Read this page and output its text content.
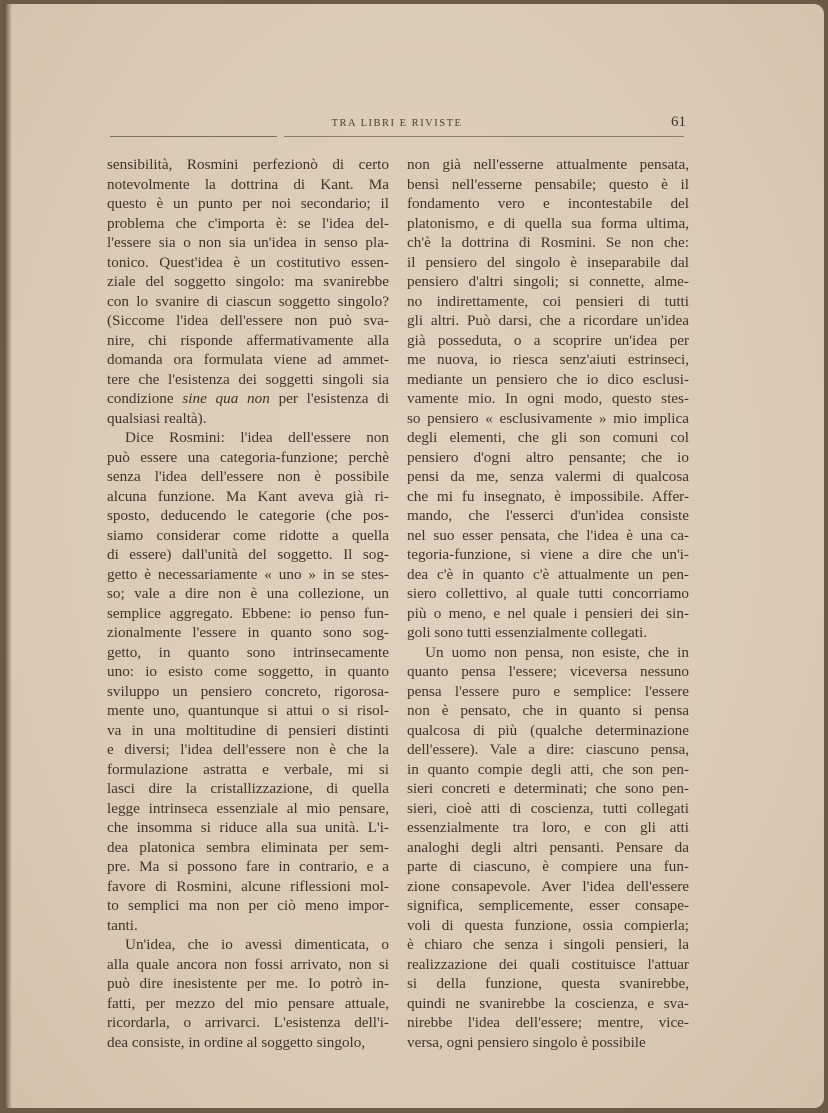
TRA LIBRI E RIVISTE	61
sensibilità, Rosmini perfezionò di certo
notevolmente la dottrina di Kant. Ma
questo è un punto per noi secondario; il
problema che c'importa è: se l'idea del-
l'essere sia o non sia un'idea in senso pla-
tonico. Quest'idea è un costitutivo essen-
ziale del soggetto singolo: ma svanirebbe
con lo svanire di ciascun soggetto singolo?
(Siccome l'idea dell'essere non può sva-
nire, chi risponde affermativamente alla
domanda ora formulata viene ad ammet-
tere che l'esistenza dei soggetti singoli sia
condizione sine qua non per l'esistenza di
qualsiasi realtà).
Dice Rosmini: l'idea dell'essere non
può essere una categoria-funzione; perchè
senza l'idea dell'essere non è possibile
alcuna funzione. Ma Kant aveva già ri-
sposto, deducendo le categorie (che pos-
siamo considerar come ridotte a quella
di essere) dall'unità del soggetto. Il sog-
getto è necessariamente « uno » in se stes-
so; vale a dire non è una collezione, un
semplice aggregato. Ebbene: io penso fun-
zionalmente l'essere in quanto sono sog-
getto, in quanto sono intrinsecamente
uno: io esisto come soggetto, in quanto
sviluppo un pensiero concreto, rigorosa-
mente uno, quantunque si attui o si risol-
va in una moltitudine di pensieri distinti
e diversi; l'idea dell'essere non è che la
formulazione astratta e verbale, mi si
lasci dire la cristallizzazione, di quella
legge intrinseca essenziale al mio pensare,
che insomma si riduce alla sua unità. L'i-
dea platonica sembra eliminata per sem-
pre. Ma si possono fare in contrario, e a
favore di Rosmini, alcune riflessioni mol-
to semplici ma non per ciò meno impor-
tanti.
Un'idea, che io avessi dimenticata, o
alla quale ancora non fossi arrivato, non si
può dire inesistente per me. Io potrò in-
fatti, per mezzo del mio pensare attuale,
ricordarla, o arrivarci. L'esistenza dell'i-
dea consiste, in ordine al soggetto singolo,
non già nell'esserne attualmente pensata,
bensì nell'esserne pensabile; questo è il
fondamento vero e incontestabile del
platonismo, e di quella sua forma ultima,
ch'è la dottrina di Rosmini. Se non che:
il pensiero del singolo è inseparabile dal
pensiero d'altri singoli; si connette, alme-
no indirettamente, coi pensieri di tutti
gli altri. Può darsi, che a ricordare un'idea
già posseduta, o a scoprire un'idea per
me nuova, io riesca senz'aiuti estrinseci,
mediante un pensiero che io dico esclusi-
vamente mio. In ogni modo, questo stes-
so pensiero « esclusivamente » mio implica
degli elementi, che gli son comuni col
pensiero d'ogni altro pensante; che io
pensi da me, senza valermi di qualcosa
che mi fu insegnato, è impossibile. Affer-
mando, che l'esserci d'un'idea consiste
nel suo esser pensata, che l'idea è una ca-
tegoria-funzione, si viene a dire che un'i-
dea c'è in quanto c'è attualmente un pen-
siero collettivo, al quale tutti concorriamo
più o meno, e nel quale i pensieri dei sin-
goli sono tutti essenzialmente collegati.
Un uomo non pensa, non esiste, che in
quanto pensa l'essere; viceversa nessuno
pensa l'essere puro e semplice: l'essere
non è pensato, che in quanto si pensa
qualcosa di più (qualche determinazione
dell'essere). Vale a dire: ciascuno pensa,
in quanto compie degli atti, che son pen-
sieri concreti e determinati; che sono pen-
sieri, cioè atti di coscienza, tutti collegati
essenzialmente tra loro, e con gli atti
analoghi degli altri pensanti. Pensare da
parte di ciascuno, è compiere una fun-
zione consapevole. Aver l'idea dell'essere
significa, semplicemente, esser consape-
voli di questa funzione, ossia compierla;
è chiaro che senza i singoli pensieri, la
realizzazione dei quali costituisce l'attuar
si della funzione, questa svanirebbe,
quindi ne svanirebbe la coscienza, e sva-
nirebbe l'idea dell'essere; mentre, vice-
versa, ogni pensiero singolo è possibile
